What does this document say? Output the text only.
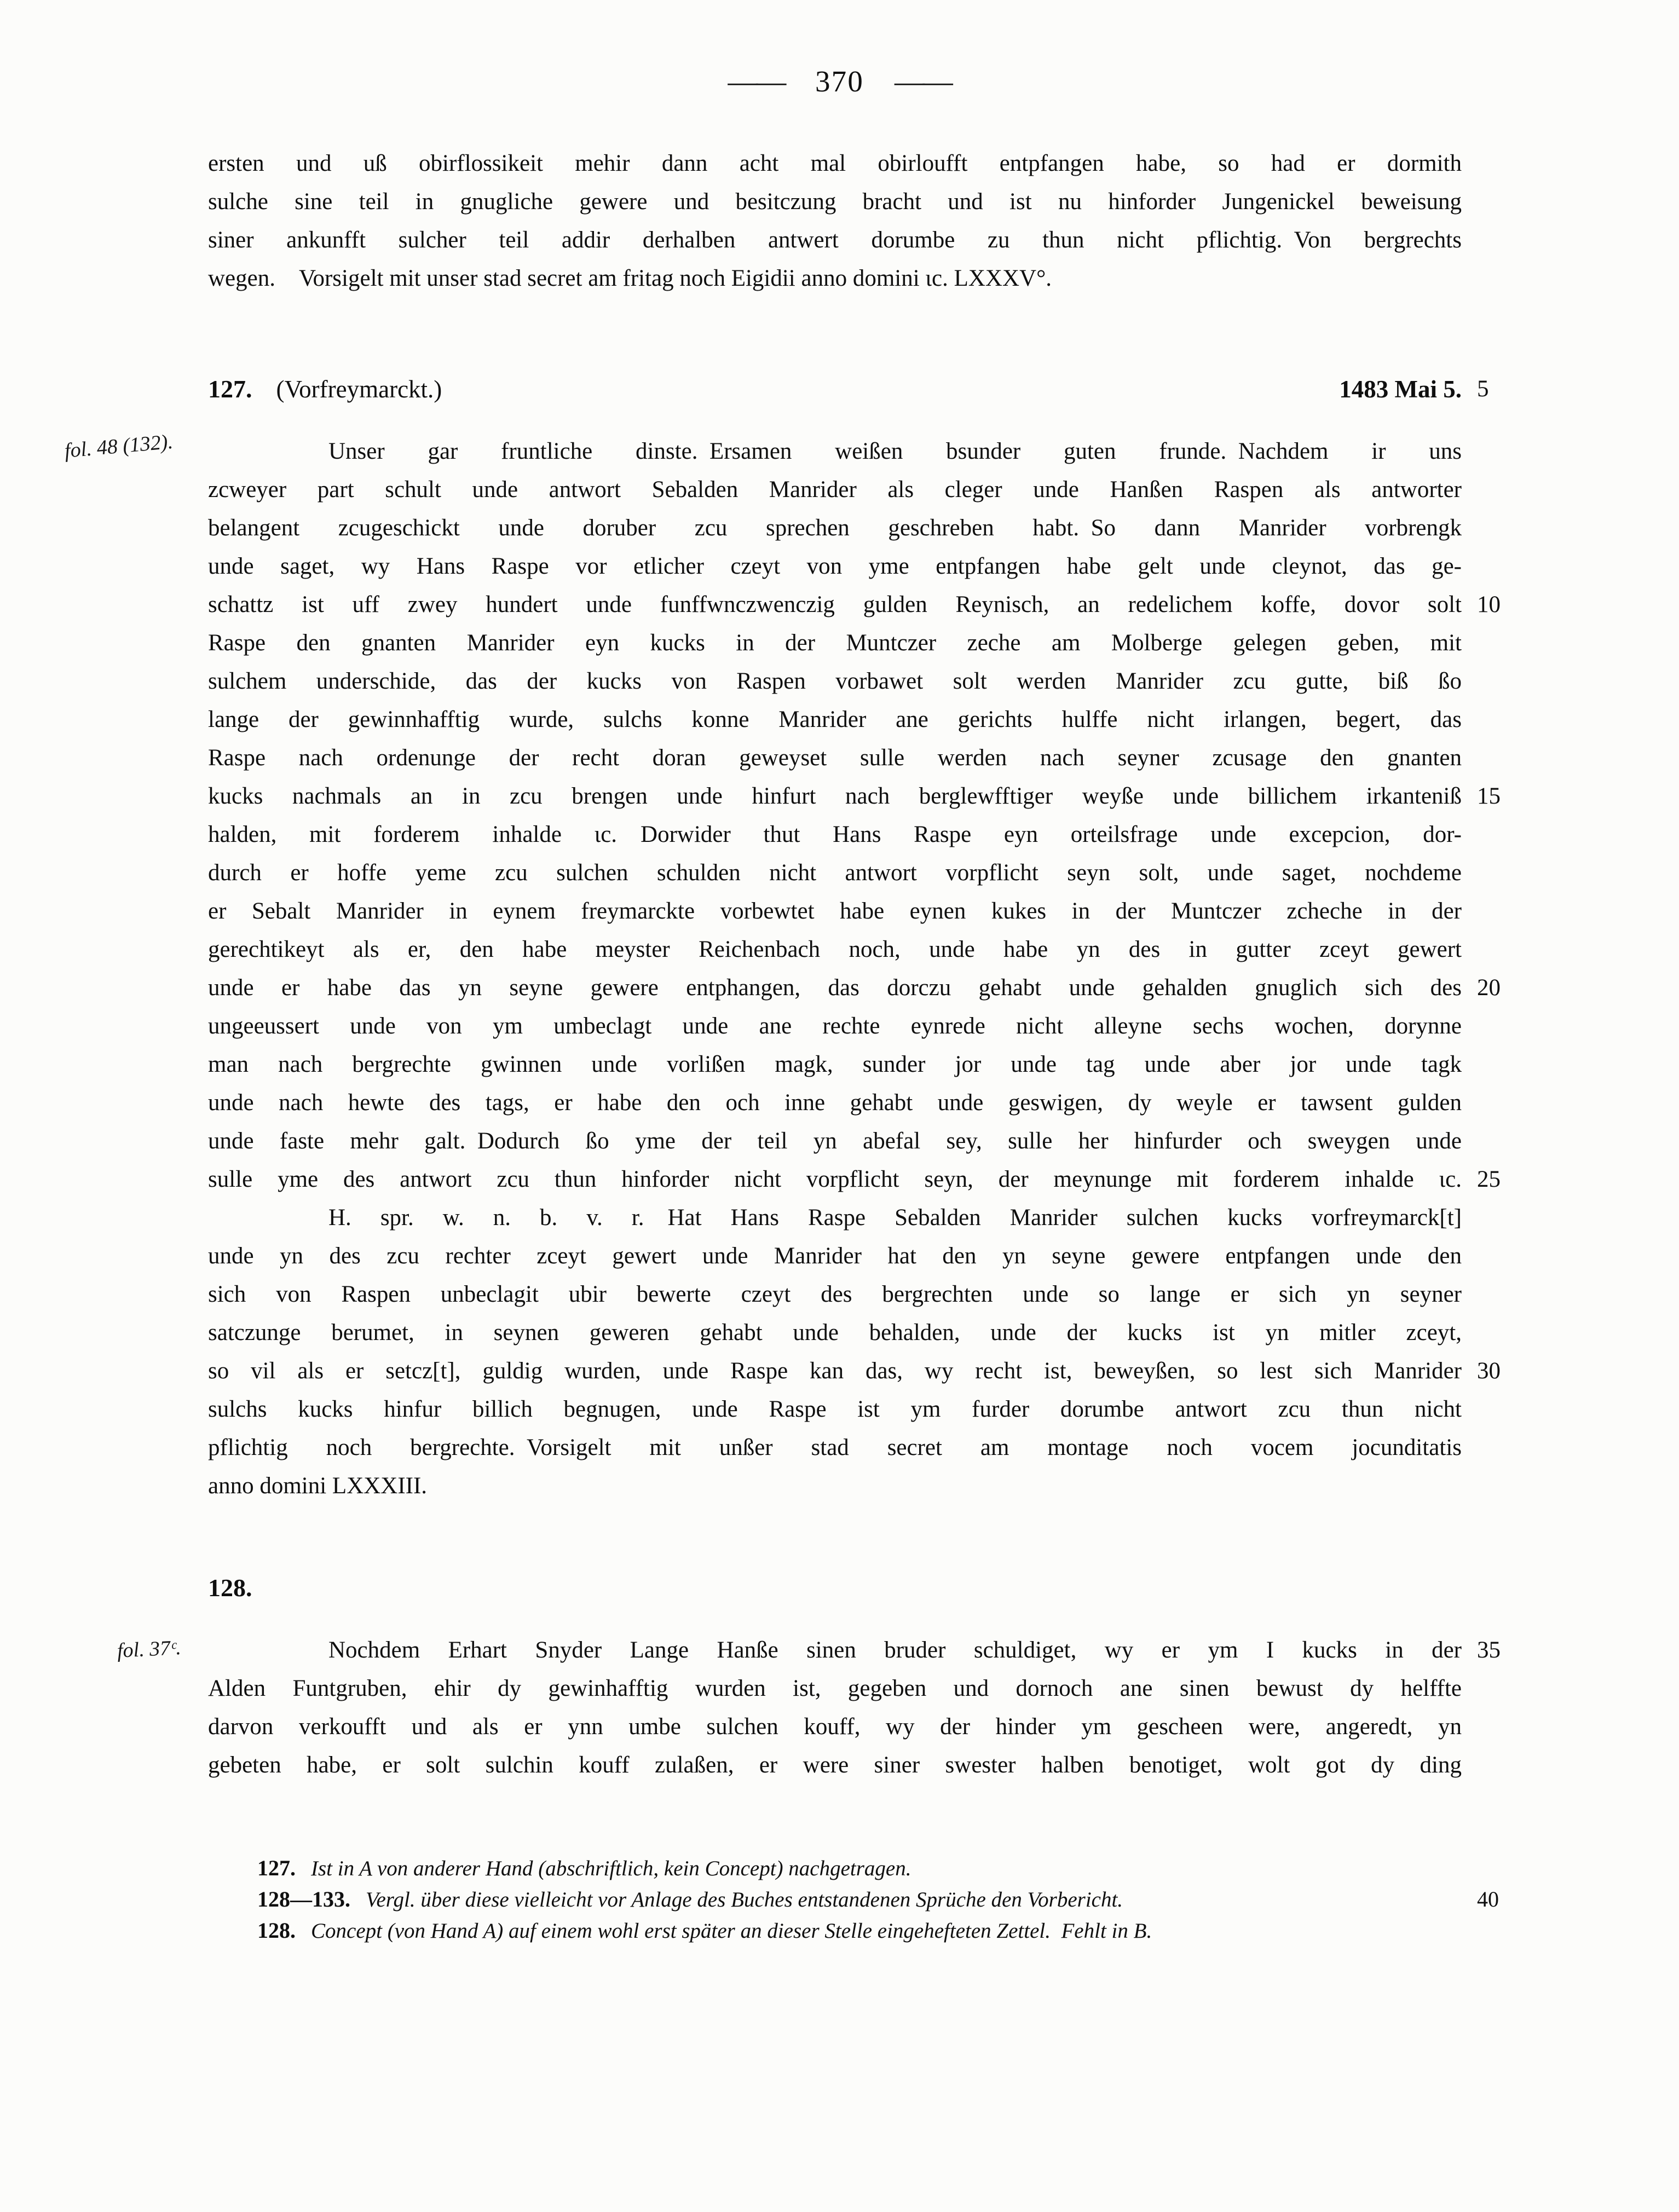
—— 370 ——
ersten und uß obirflossikeit mehir dann acht mal obirloufft entpfangen habe, so had er dormith
sulche sine teil in gnugliche gewere und besitczung bracht und ist nu hinforder Jungenickel beweisung
siner ankunfft sulcher teil addir derhalben antwert dorumbe zu thun nicht pflichtig. Von bergrechts
wegen. Vorsigelt mit unser stad secret am fritag noch Eigidii anno domini ɩc. LXXXV°.
127. (Vorfreymarckt.)	1483 Mai 5. 5
fol. 48 (132).	Unser gar fruntliche dinste. Ersamen weißen bsunder guten frunde. Nachdem ir uns
zcweyer part schult unde antwort Sebalden Manrider als cleger unde Hanßen Raspen als antworter
belangent zcugeschickt unde doruber zcu sprechen geschreben habt. So dann Manrider vorbrengk
unde saget, wy Hans Raspe vor etlicher czeyt von yme entpfangen habe gelt unde cleynot, das ge-
schattz ist uff zwey hundert unde funffwnczwenczig gulden Reynisch, an redelichem koffe, dovor solt 10
Raspe den gnanten Manrider eyn kucks in der Muntczer zeche am Molberge gelegen geben, mit
sulchem underschide, das der kucks von Raspen vorbawet solt werden Manrider zcu gutte, biß ßo
lange der gewinnhafftig wurde, sulchs konne Manrider ane gerichts hulffe nicht irlangen, begert, das
Raspe nach ordenunge der recht doran geweyset sulle werden nach seyner zcusage den gnanten
kucks nachmals an in zcu brengen unde hinfurt nach berglewfftiger weyße unde billichem irkanteniß 15
halden, mit forderem inhalde ɩc. Dorwider thut Hans Raspe eyn orteilsfrage unde excepcion, dor-
durch er hoffe yeme zcu sulchen schulden nicht antwort vorpflicht seyn solt, unde saget, nochdeme
er Sebalt Manrider in eynem freymarckte vorbewtet habe eynen kukes in der Muntczer zcheche in der
gerechtikeyt als er, den habe meyster Reichenbach noch, unde habe yn des in gutter zceyt gewert
unde er habe das yn seyne gewere entphangen, das dorczu gehabt unde gehalden gnuglich sich des 20
ungeeussert unde von ym umbeclagt unde ane rechte eynrede nicht alleyne sechs wochen, dorynne
man nach bergrechte gwinnen unde vorlißen magk, sunder jor unde tag unde aber jor unde tagk
unde nach hewte des tags, er habe den och inne gehabt unde geswigen, dy weyle er tawsent gulden
unde faste mehr galt. Dodurch ßo yme der teil yn abefal sey, sulle her hinfurder och sweygen unde
sulle yme des antwort zcu thun hinforder nicht vorpflicht seyn, der meynunge mit forderem inhalde ɩc. 25
H. spr. w. n. b. v. r. Hat Hans Raspe Sebalden Manrider sulchen kucks vorfreymarck[t]
unde yn des zcu rechter zceyt gewert unde Manrider hat den yn seyne gewere entpfangen unde den
sich von Raspen unbeclagit ubir bewerte czeyt des bergrechten unde so lange er sich yn seyner
satczunge berumet, in seynen geweren gehabt unde behalden, unde der kucks ist yn mitler zceyt,
so vil als er setcz[t], guldig wurden, unde Raspe kan das, wy recht ist, beweyßen, so lest sich Manrider 30
sulchs kucks hinfur billich begnugen, unde Raspe ist ym furder dorumbe antwort zcu thun nicht
pflichtig noch bergrechte. Vorsigelt mit unßer stad secret am montage noch vocem jocunditatis
anno domini LXXXIII.
128.
fol. 37ᶜ.	Nochdem Erhart Snyder Lange Hanße sinen bruder schuldiget, wy er ym I kucks in der 35
Alden Funtgruben, ehir dy gewinhafftig wurden ist, gegeben und dornoch ane sinen bewust dy helffte
darvon verkoufft und als er ynn umbe sulchen kouff, wy der hinder ym gescheen were, angeredt, yn
gebeten habe, er solt sulchin kouff zulaßen, er were siner swester halben benotiget, wolt got dy ding
127. Ist in A von anderer Hand (abschriftlich, kein Concept) nachgetragen.
128—133. Vergl. über diese vielleicht vor Anlage des Buches entstandenen Sprüche den Vorbericht.	40
128. Concept (von Hand A) auf einem wohl erst später an dieser Stelle eingehefteten Zettel. Fehlt in B.
